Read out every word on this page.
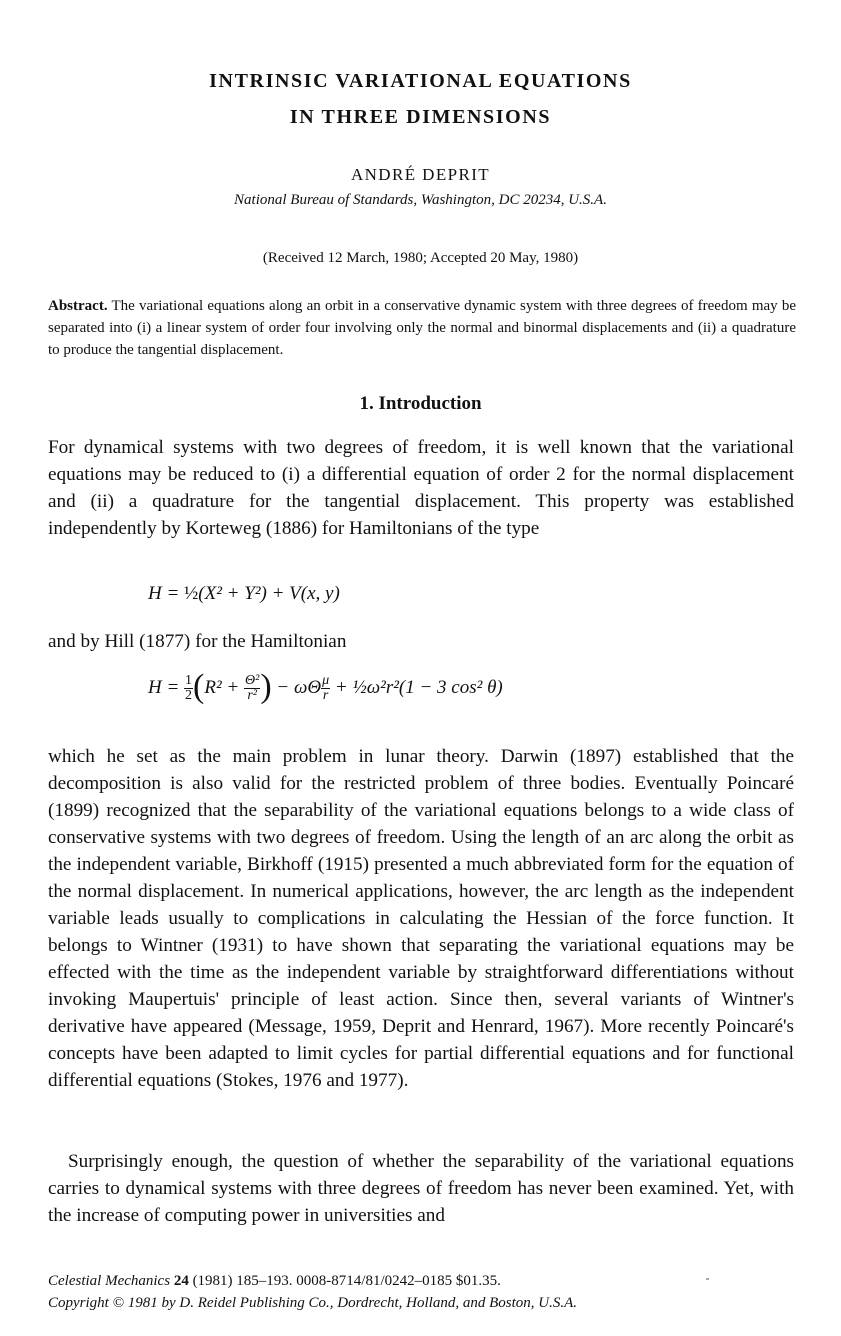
INTRINSIC VARIATIONAL EQUATIONS
IN THREE DIMENSIONS
ANDRÉ DEPRIT
National Bureau of Standards, Washington, DC 20234, U.S.A.
(Received 12 March, 1980; Accepted 20 May, 1980)
Abstract. The variational equations along an orbit in a conservative dynamic system with three degrees of freedom may be separated into (i) a linear system of order four involving only the normal and binormal displacements and (ii) a quadrature to produce the tangential displacement.
1. Introduction

For dynamical systems with two degrees of freedom, it is well known that the variational equations may be reduced to (i) a differential equation of order 2 for the normal displacement and (ii) a quadrature for the tangential displacement. This property was established independently by Korteweg (1886) for Hamiltonians of the type

H = ½(X² + Y²) + V(x, y)

and by Hill (1877) for the Hamiltonian

$H = \frac{1}{2} (R^2 + \frac{\text{Θ²}}{\text{r²}}$ ) − ωΘ $\frac{\mu}{r}$ + ½ω²r²(1 − 3 cos² θ)

which he set as the main problem in lunar theory. Darwin (1897) established that the decomposition is also valid for the restricted problem of three bodies. Eventually Poincaré (1899) recognized that the separability of the variational equations belongs to a wide class of conservative systems with two degrees of freedom. Using the length of an arc along the orbit as the independent variable, Birkhoff (1915) presented a much abbreviated form for the equation of the normal displacement. In numerical applications, however, the arc length as the independent variable leads usually to complications in calculating the Hessian of the force function. It belongs to Wintner (1931) to have shown that separating the variational equations may be effected with the time as the independent variable by straightforward differentiations without invoking Maupertuis' principle of least action. Since then, several variants of Wintner's derivative have appeared (Message, 1959, Deprit and Henrard, 1967). More recently Poincaré's concepts have been adapted to limit cycles for partial differential equations and for functional differential equations (Stokes, 1976 and 1977).

Surprisingly enough, the question of whether the separability of the variational equations carries to dynamical systems with three degrees of freedom has never been examined. Yet, with the increase of computing power in universities and

Celestial Mechanics 24 (1981) 185–193. 0008-8714/81/0242–0185 $01.35.
Copyright © 1981 by D. Reidel Publishing Co., Dordrecht, Holland, and Boston, U.S.A.
